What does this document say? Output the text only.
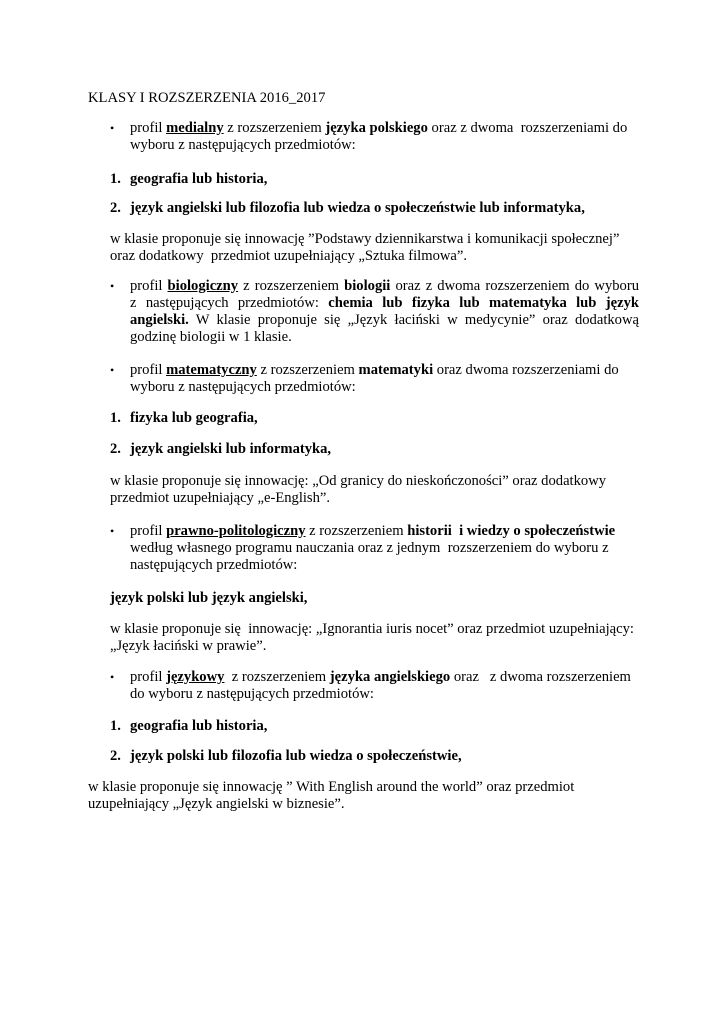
KLASY I ROZSZERZENIA 2016_2017
• profil medialny z rozszerzeniem języka polskiego oraz z dwoma  rozszerzeniami do
wyboru z następujących przedmiotów:
1. geografia lub historia,
2. język angielski lub filozofia lub wiedza o społeczeństwie lub informatyka,
w klasie proponuje się innowację ”Podstawy dziennikarstwa i komunikacji społecznej”
oraz dodatkowy  przedmiot uzupełniający „Sztuka filmowa”.
• profil biologiczny z rozszerzeniem biologii oraz z dwoma rozszerzeniem do wyboru
z następujących przedmiotów: chemia lub fizyka lub matematyka lub język
angielski. W klasie proponuje się „Język łaciński w medycynie” oraz dodatkową
godzinę biologii w 1 klasie.
• profil matematyczny z rozszerzeniem matematyki oraz dwoma rozszerzeniami do
wyboru z następujących przedmiotów:
1. fizyka lub geografia,
2. język angielski lub informatyka,
w klasie proponuje się innowację: „Od granicy do nieskończoności” oraz dodatkowy
przedmiot uzupełniający „e-English”.
• profil prawno-politologiczny z rozszerzeniem historii  i wiedzy o społeczeństwie
według własnego programu nauczania oraz z jednym  rozszerzeniem do wyboru z
następujących przedmiotów:
język polski lub język angielski,
w klasie proponuje się  innowację: „Ignorantia iuris nocet” oraz przedmiot uzupełniający:
„Język łaciński w prawie”.
• profil językowy  z rozszerzeniem języka angielskiego oraz   z dwoma rozszerzeniem
do wyboru z następujących przedmiotów:
1. geografia lub historia,
2. język polski lub filozofia lub wiedza o społeczeństwie,
w klasie proponuje się innowację ” With English around the world” oraz przedmiot
uzupełniający „Język angielski w biznesie”.
